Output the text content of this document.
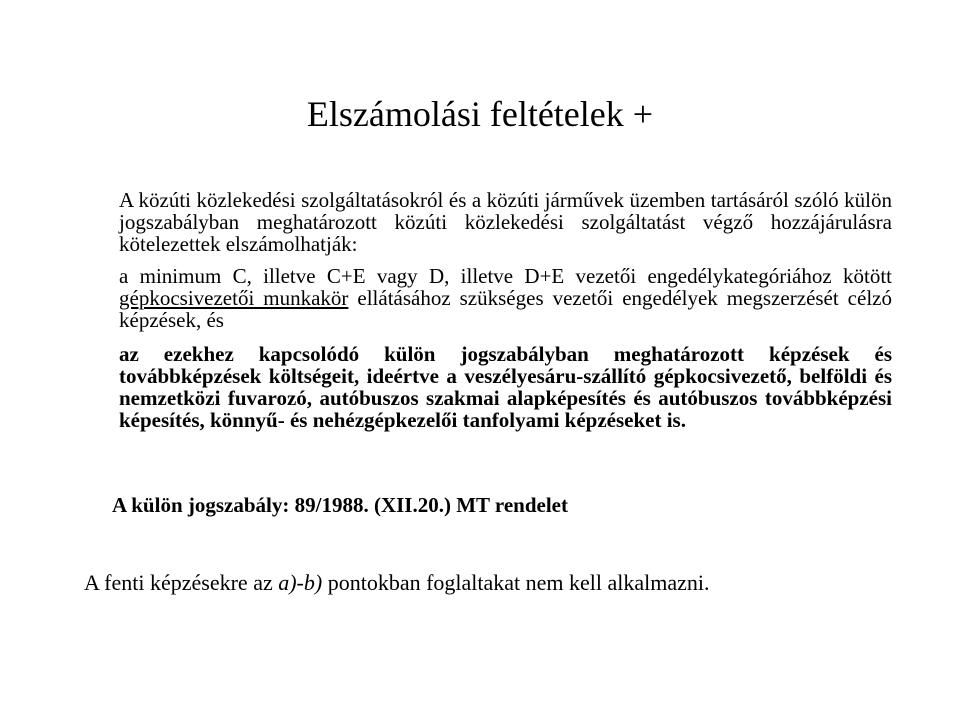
Elszámolási feltételek +

A közúti közlekedési szolgáltatásokról és a közúti járművek üzemben tartásáról szóló külön jogszabályban meghatározott közúti közlekedési szolgáltatást végző hozzájárulásra kötelezettek elszámolhatják:

a minimum C, illetve C+E vagy D, illetve D+E vezetői engedélykategóriához kötött gépkocsivezetői munkakör ellátásához szükséges vezetői engedélyek megszerzését célzó képzések, és

az ezekhez kapcsolódó külön jogszabályban meghatározott képzések és továbbképzések költségeit, ideértve a veszélyesáru-szállító gépkocsivezető, belföldi és nemzetközi fuvarozó, autóbuszos szakmai alapképesítés és autóbuszos továbbképzési képesítés, könnyű- és nehézgépkezelői tanfolyami képzéseket is.

A külön jogszabály: 89/1988. (XII.20.) MT rendelet

A fenti képzésekre az a)-b) pontokban foglaltakat nem kell alkalmazni.
